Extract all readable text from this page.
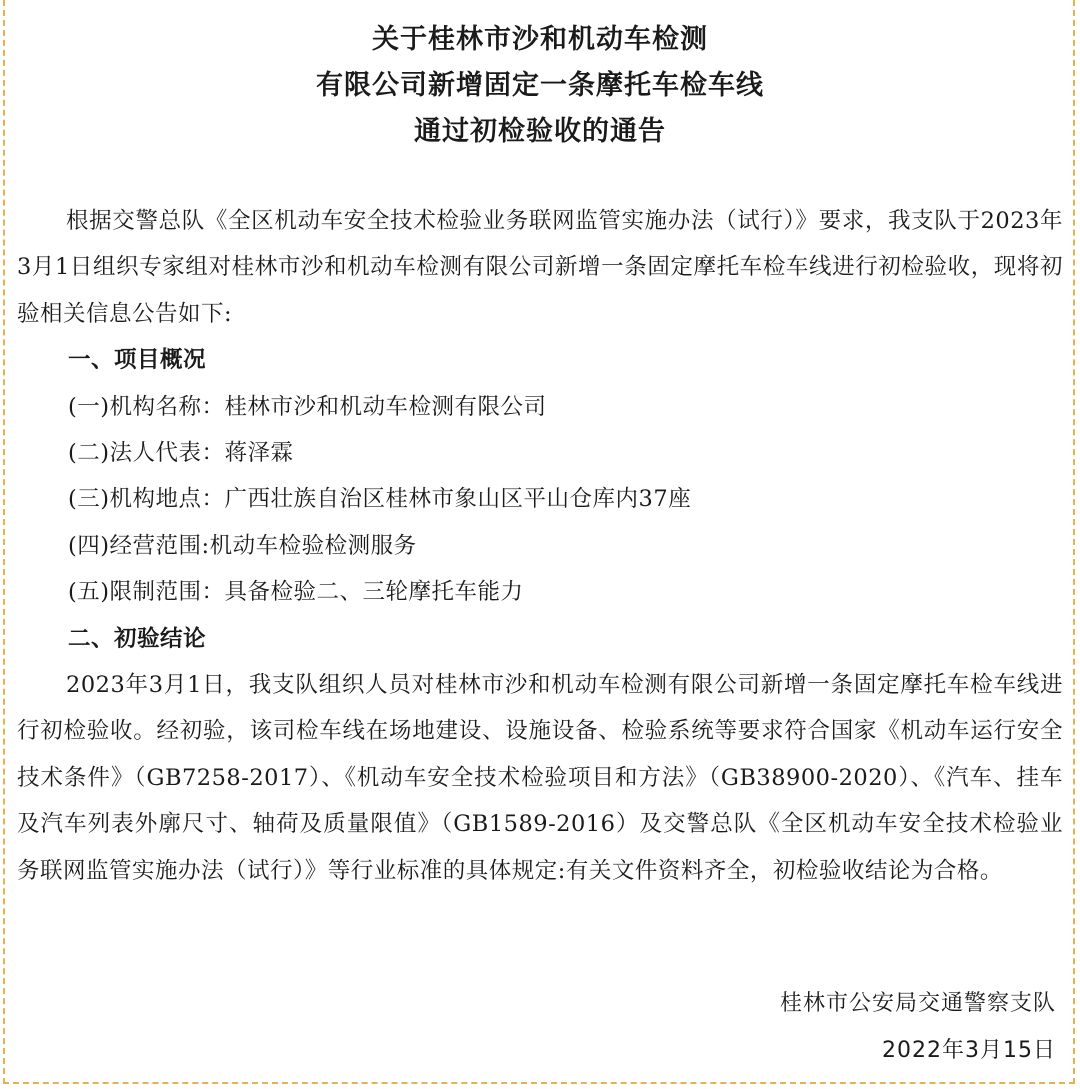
关于桂林市沙和机动车检测
有限公司新增固定一条摩托车检车线
通过初检验收的通告

根据交警总队《全区机动车安全技术检验业务联网监管实施办法（试行）》要求，我支队于2023年3月1日组织专家组对桂林市沙和机动车检测有限公司新增一条固定摩托车检车线进行初检验收，现将初验相关信息公告如下:

一、项目概况

(一)机构名称：桂林市沙和机动车检测有限公司

(二)法人代表：蒋泽霖

(三)机构地点：广西壮族自治区桂林市象山区平山仓库内37座

(四)经营范围:机动车检验检测服务

(五)限制范围：具备检验二、三轮摩托车能力

二、初验结论

2023年3月1日，我支队组织人员对桂林市沙和机动车检测有限公司新增一条固定摩托车检车线进行初检验收。经初验，该司检车线在场地建设、设施设备、检验系统等要求符合国家《机动车运行安全技术条件》（GB7258-2017）、《机动车安全技术检验项目和方法》（GB38900-2020）、《汽车、挂车及汽车列表外廓尺寸、轴荷及质量限值》（GB1589-2016）及交警总队《全区机动车安全技术检验业务联网监管实施办法（试行）》等行业标准的具体规定:有关文件资料齐全，初检验收结论为合格。

桂林市公安局交通警察支队
2022年3月15日
